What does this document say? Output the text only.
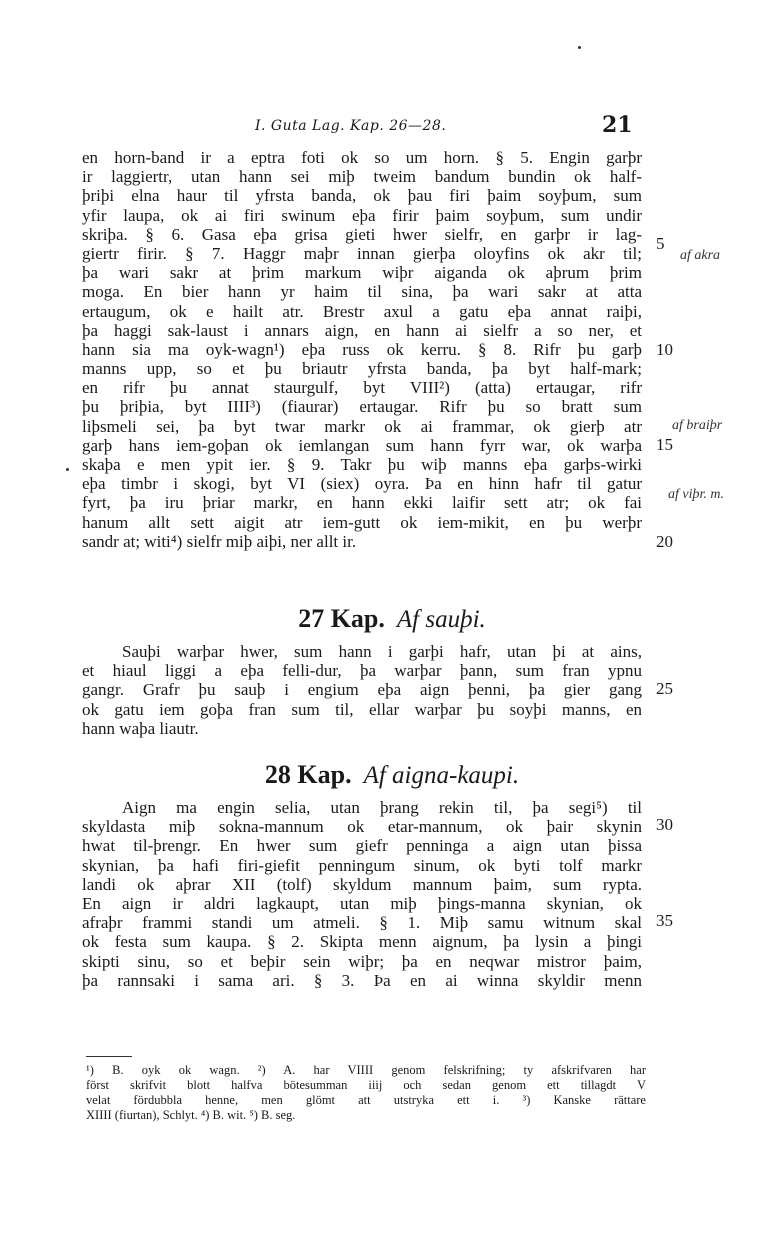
I. Guta Lag. Kap. 26—28.	21
en horn-band ir a eptra foti ok so um horn. § 5. Engin garþr
ir laggiertr, utan hann sei miþ tweim bandum bundin ok half-
þriþi elna haur til yfrsta banda, ok þau firi þaim soyþum, sum
yfir laupa, ok ai firi swinum eþa firir þaim soyþum, sum undir
skriþa. § 6. Gasa eþa grisa gieti hwer sielfr, en garþr ir lag-
giertr firir. § 7. Haggr maþr innan gierþa oloyfins ok akr til;
þa wari sakr at þrim markum wiþr aiganda ok aþrum þrim
moga. En bier hann yr haim til sina, þa wari sakr at atta
ertaugum, ok e hailt atr. Brestr axul a gatu eþa annat raiþi,
þa haggi sak-laust i annars aign, en hann ai sielfr a so ner, et
hann sia ma oyk-wagn¹) eþa russ ok kerru. § 8. Rifr þu garþ
manns upp, so et þu briautr yfrsta banda, þa byt half-mark;
en rifr þu annat staurgulf, byt VIII²) (atta) ertaugar, rifr
þu þriþia, byt IIII³) (fiaurar) ertaugar. Rifr þu so bratt sum
liþsmeli sei, þa byt twar markr ok ai frammar, ok gierþ atr
garþ hans iem-goþan ok iemlangan sum hann fyrr war, ok warþa
skaþa e men ypit ier. § 9. Takr þu wiþ manns eþa garþs-wirki
eþa timbr i skogi, byt VI (siex) oyra. Þa en hinn hafr til gatur
fyrt, þa iru þriar markr, en hann ekki laifir sett atr; ok fai
hanum allt sett aigit atr iem-gutt ok iem-mikit, en þu werþr
sandr at; witi⁴) sielfr miþ aiþi, ner allt ir.
27 Kap. Af sauþi.
Sauþi warþar hwer, sum hann i garþi hafr, utan þi at ains,
et hiaul liggi a eþa felli-dur, þa warþar þann, sum fran ypnu
gangr. Grafr þu sauþ i engium eþa aign þenni, þa gier gang
ok gatu iem goþa fran sum til, ellar warþar þu soyþi manns, en
hann waþa liautr.
28 Kap. Af aigna-kaupi.
Aign ma engin selia, utan þrang rekin til, þa segi⁵) til
skyldasta miþ sokna-mannum ok etar-mannum, ok þair skynin
hwat til-þrengr. En hwer sum giefr penninga a aign utan þissa
skynian, þa hafi firi-giefit penningum sinum, ok byti tolf markr
landi ok aþrar XII (tolf) skyldum mannum þaim, sum rypta.
En aign ir aldri lagkaupt, utan miþ þings-manna skynian, ok
afraþr frammi standi um atmeli. § 1. Miþ samu witnum skal
ok festa sum kaupa. § 2. Skipta menn aignum, þa lysin a þingi
skipti sinu, so et beþir sein wiþr; þa en neqwar mistror þaim,
þa rannsaki i sama ari. § 3. Þa en ai winna skyldir menn
5
10
15
20
25
30
35
af akra
af braiþr
af viþr. m.
¹) B. oyk ok wagn. ²) A. har VIIII genom felskrifning; ty afskrifvaren har
först skrifvit blott halfva bötesumman iiij och sedan genom ett tillagdt V
velat fördubbla henne, men glömt att utstryka ett i. ³) Kanske rättare
XIIII (fiurtan), Schlyt. ⁴) B. wit. ⁵) B. seg.
